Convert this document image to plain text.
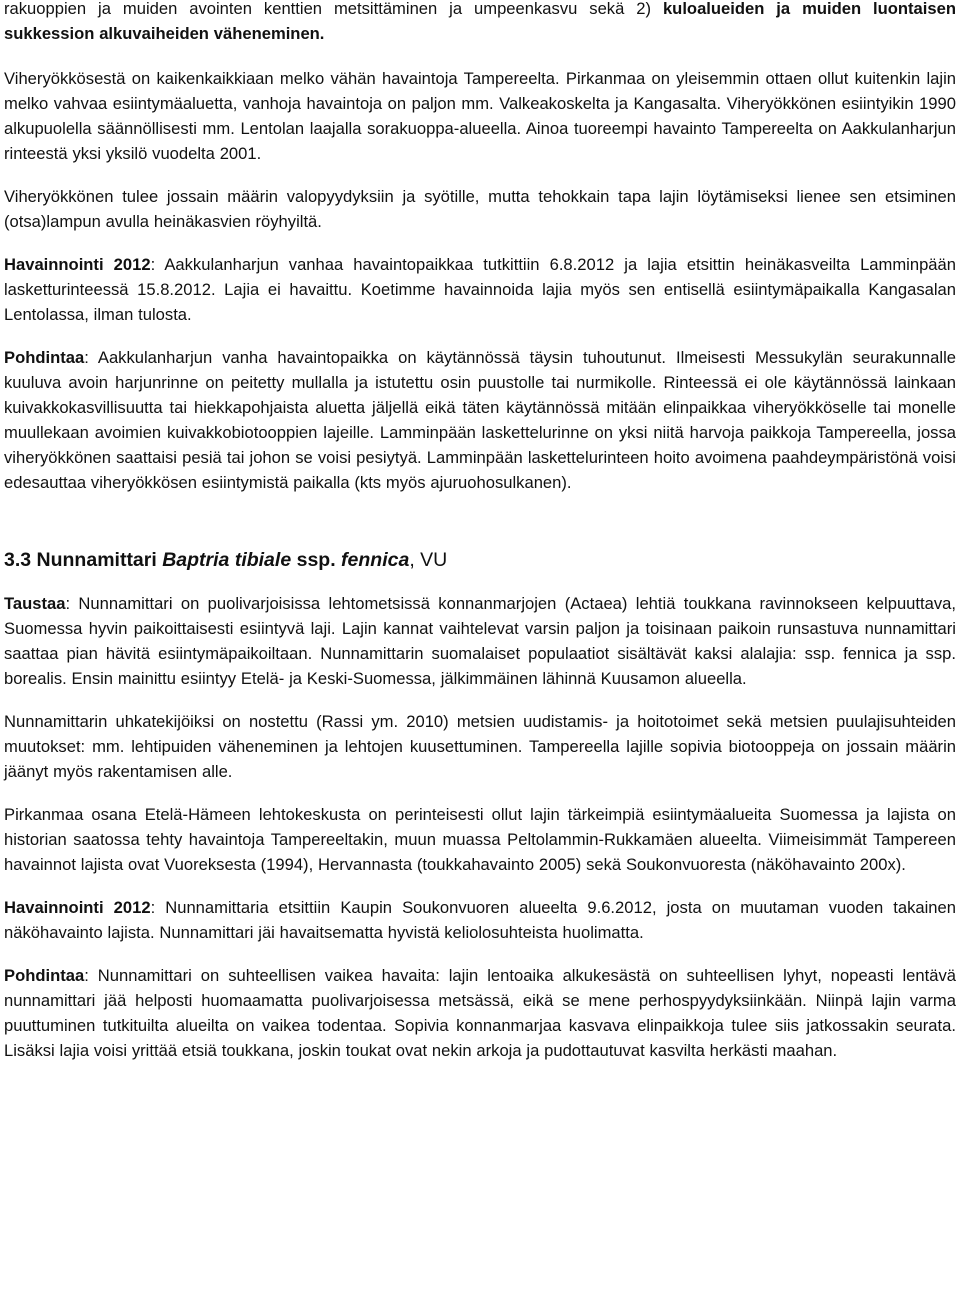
rakuoppien ja muiden avointen kenttien metsittäminen ja umpeenkasvu sekä 2) kuloalueiden ja muiden luontaisen sukkession alkuvaiheiden väheneminen.

Viheryökkösestä on kaikenkaikkiaan melko vähän havaintoja Tampereelta. Pirkanmaa on yleisemmin ottaen ollut kuitenkin lajin melko vahvaa esiintymäaluetta, vanhoja havaintoja on paljon mm. Valkeakoskelta ja Kangasalta. Viheryökkönen esiintyikin 1990 alkupuolella säännöllisesti mm. Lentolan laajalla sorakuoppa-alueella. Ainoa tuoreempi havainto Tampereelta on Aakkulanharjun rinteestä yksi yksilö vuodelta 2001.

Viheryökkönen tulee jossain määrin valopyydyksiin ja syötille, mutta tehokkain tapa lajin löytämiseksi lienee sen etsiminen (otsa)lampun avulla heinäkasvien röyhyiltä.

Havainnointi 2012: Aakkulanharjun vanhaa havaintopaikkaa tutkittiin 6.8.2012 ja lajia etsittin heinäkasveilta Lamminpään lasketturinteessä 15.8.2012. Lajia ei havaittu. Koetimme havainnoida lajia myös sen entisellä esiintymäpaikalla Kangasalan Lentolassa, ilman tulosta.

Pohdintaa: Aakkulanharjun vanha havaintopaikka on käytännössä täysin tuhoutunut. Ilmeisesti Messukylän seurakunnalle kuuluva avoin harjunrinne on peitetty mullalla ja istutettu osin puustolle tai nurmikolle. Rinteessä ei ole käytännössä lainkaan kuivakkokasvillisuutta tai hiekkapohjaista aluetta jäljellä eikä täten käytännössä mitään elinpaikkaa viheryökköselle tai monelle muullekaan avoimien kuivakkobiotooppien lajeille. Lamminpään laskettelurinne on yksi niitä harvoja paikkoja Tampereella, jossa viheryökkönen saattaisi pesiä tai johon se voisi pesiytyä. Lamminpään laskettelurinteen hoito avoimena paahdeympäristönä voisi edesauttaa viheryökkösen esiintymistä paikalla (kts myös ajuruohosulkanen).

3.3 Nunnamittari Baptria tibiale ssp. fennica, VU

Taustaa: Nunnamittari on puolivarjoisissa lehtometsissä konnanmarjojen (Actaea) lehtiä toukkana ravinnokseen kelpuuttava, Suomessa hyvin paikoittaisesti esiintyvä laji. Lajin kannat vaihtelevat varsin paljon ja toisinaan paikoin runsastuva nunnamittari saattaa pian hävitä esiintymäpaikoiltaan. Nunnamittarin suomalaiset populaatiot sisältävät kaksi alalajia: ssp. fennica ja ssp. borealis. Ensin mainittu esiintyy Etelä- ja Keski-Suomessa, jälkimmäinen lähinnä Kuusamon alueella.

Nunnamittarin uhkatekijöiksi on nostettu (Rassi ym. 2010) metsien uudistamis- ja hoitotoimet sekä metsien puulajisuhteiden muutokset: mm. lehtipuiden väheneminen ja lehtojen kuusettuminen. Tampereella lajille sopivia biotooppeja on jossain määrin jäänyt myös rakentamisen alle.

Pirkanmaa osana Etelä-Hämeen lehtokeskusta on perinteisesti ollut lajin tärkeimpiä esiintymäalueita Suomessa ja lajista on historian saatossa tehty havaintoja Tampereeltakin, muun muassa Peltolammin-Rukkamäen alueelta. Viimeisimmät Tampereen havainnot lajista ovat Vuoreksesta (1994), Hervannasta (toukkahavainto 2005) sekä Soukonvuoresta (näköhavainto 200x).

Havainnointi 2012: Nunnamittaria etsittiin Kaupin Soukonvuoren alueelta 9.6.2012, josta on muutaman vuoden takainen näköhavainto lajista. Nunnamittari jäi havaitsematta hyvistä keliolosuhteista huolimatta.

Pohdintaa: Nunnamittari on suhteellisen vaikea havaita: lajin lentoaika alkukesästä on suhteellisen lyhyt, nopeasti lentävä nunnamittari jää helposti huomaamatta puolivarjoisessa metsässä, eikä se mene perhospyydyksiinkään. Niinpä lajin varma puuttuminen tutkituilta alueilta on vaikea todentaa. Sopivia konnanmarjaa kasvava elinpaikkoja tulee siis jatkossakin seurata. Lisäksi lajia voisi yrittää etsiä toukkana, joskin toukat ovat nekin arkoja ja pudottautuvat kasvilta herkästi maahan.
